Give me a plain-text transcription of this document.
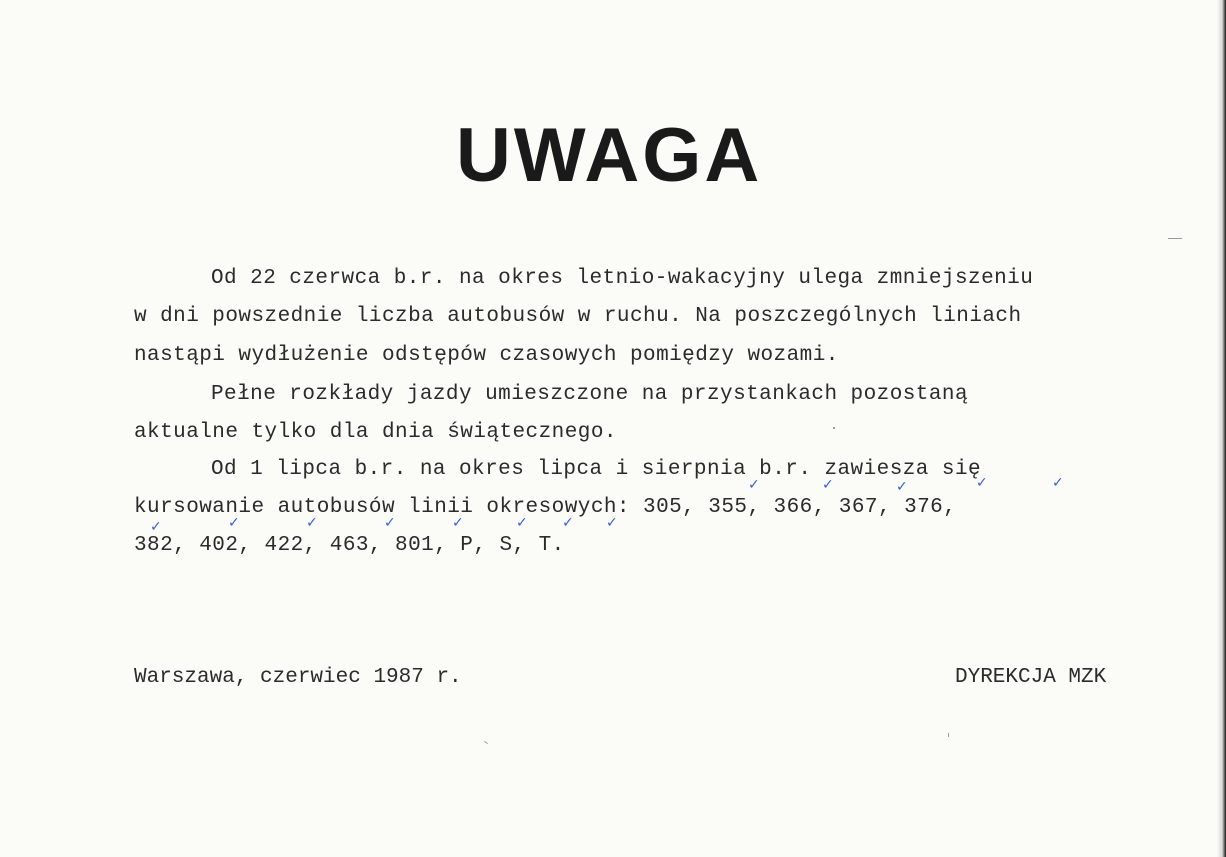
UWAGA
Od 22 czerwca b.r. na okres letnio-wakacyjny ulega zmniejszeniu
w dni powszednie liczba autobusów w ruchu. Na poszczególnych liniach
nastąpi wydłużenie odstępów czasowych pomiędzy wozami.
Pełne rozkłady jazdy umieszczone na przystankach pozostaną
aktualne tylko dla dnia świątecznego.
Od 1 lipca b.r. na okres lipca i sierpnia b.r. zawiesza się
kursowanie autobusów linii okresowych: 305, 355, 366, 367, 376,
382, 402, 422, 463, 801, P, S, T.
✓	✓	✓	✓	✓
✓	✓	✓	✓	✓	✓ ✓ ✓
Warszawa, czerwiec 1987 r.	DYREKCJA MZK
